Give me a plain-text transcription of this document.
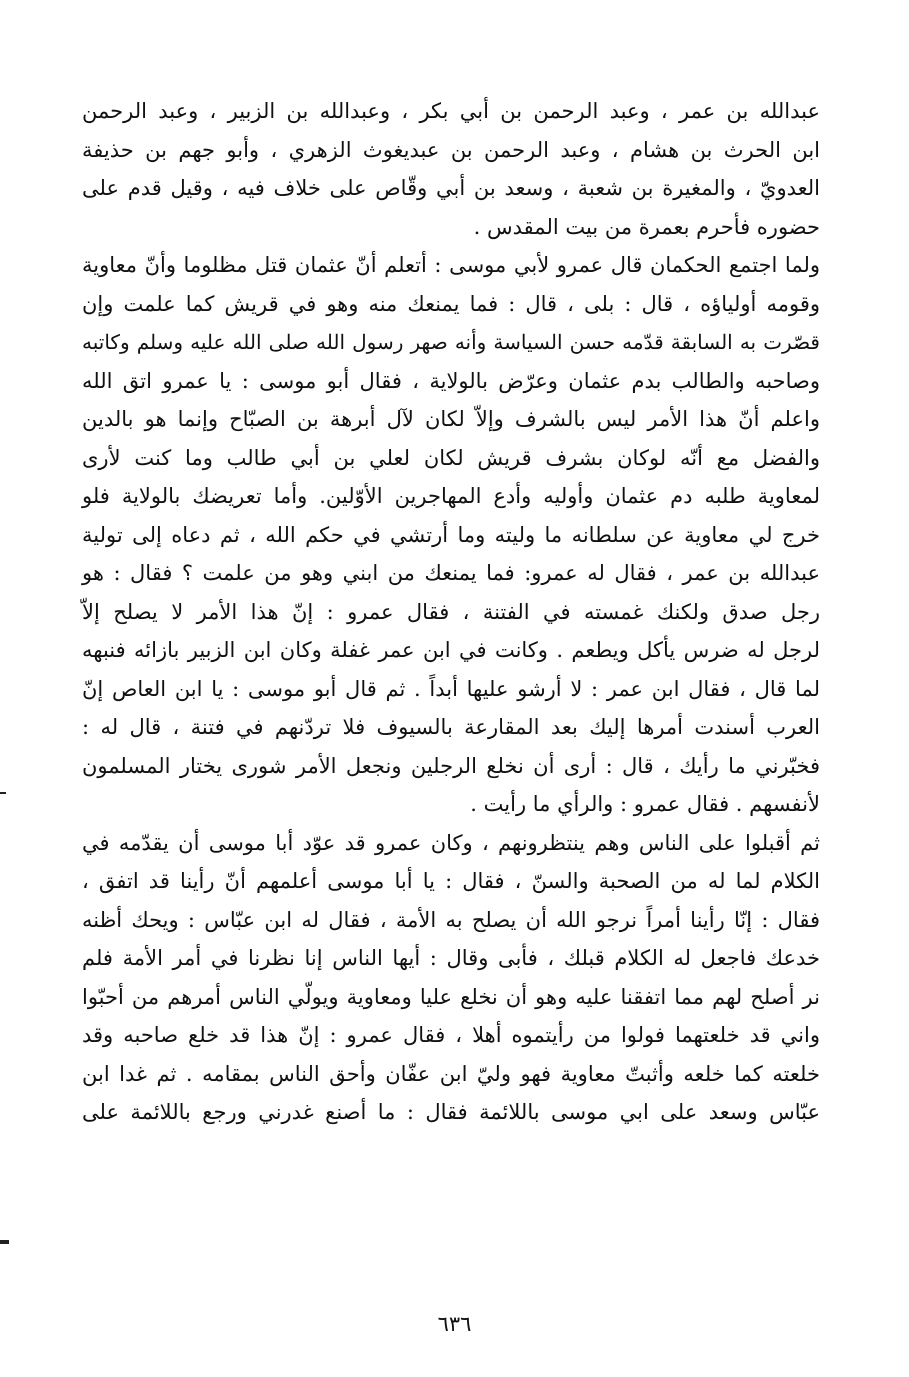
عبدالله بن عمر ، وعبد الرحمن بن أبي بكر ، وعبدالله بن الزبير ، وعبد الرحمن
ابن الحرث بن هشام ، وعبد الرحمن بن عبديغوث الزهري ، وأبو جهم بن حذيفة
العدويّ ، والمغيرة بن شعبة ، وسعد بن أبي وقّاص على خلاف فيه ، وقيل قدم على
حضوره فأحرم بعمرة من بيت المقدس .
ولما اجتمع الحكمان قال عمرو لأبي موسى : أتعلم أنّ عثمان قتل مظلوما وأنّ معاوية
وقومه أولياؤه ، قال : بلى ، قال : فما يمنعك منه وهو في قريش كما علمت وإن
قصّرت به السابقة قدّمه حسن السياسة وأنه صهر رسول الله صلى الله عليه وسلم وكاتبه
وصاحبه والطالب بدم عثمان وعرّض بالولاية ، فقال أبو موسى : يا عمرو اتق الله
واعلم أنّ هذا الأمر ليس بالشرف وإلاّ لكان لآل أبرهة بن الصبّاح وإنما هو بالدين
والفضل مع أنّه لوكان بشرف قريش لكان لعلي بن أبي طالب وما كنت لأرى
لمعاوية طلبه دم عثمان وأوليه وأدع المهاجرين الأوّلين. وأما تعريضك بالولاية فلو
خرج لي معاوية عن سلطانه ما وليته وما أرتشي في حكم الله ، ثم دعاه إلى تولية
عبدالله بن عمر ، فقال له عمرو: فما يمنعك من ابني وهو من علمت ؟ فقال : هو
رجل صدق ولكنك غمسته في الفتنة ، فقال عمرو : إنّ هذا الأمر لا يصلح إلاّ
لرجل له ضرس يأكل ويطعم . وكانت في ابن عمر غفلة وكان ابن الزبير بازائه فنبهه
لما قال ، فقال ابن عمر : لا أرشو عليها أبداً . ثم قال أبو موسى : يا ابن العاص إنّ
العرب أسندت أمرها إليك بعد المقارعة بالسيوف فلا تردّنهم في فتنة ، قال له :
فخبّرني ما رأيك ، قال : أرى أن نخلع الرجلين ونجعل الأمر شورى يختار المسلمون
لأنفسهم . فقال عمرو : والرأي ما رأيت .
ثم أقبلوا على الناس وهم ينتظرونهم ، وكان عمرو قد عوّد أبا موسى أن يقدّمه في
الكلام لما له من الصحبة والسنّ ، فقال : يا أبا موسى أعلمهم أنّ رأينا قد اتفق ،
فقال : إنّا رأينا أمراً نرجو الله أن يصلح به الأمة ، فقال له ابن عبّاس : ويحك أظنه
خدعك فاجعل له الكلام قبلك ، فأبى وقال : أيها الناس إنا نظرنا في أمر الأمة فلم
نر أصلح لهم مما اتفقنا عليه وهو أن نخلع عليا ومعاوية ويولّي الناس أمرهم من أحبّوا
واني قد خلعتهما فولوا من رأيتموه أهلا ، فقال عمرو : إنّ هذا قد خلع صاحبه وقد
خلعته كما خلعه وأثبتّ معاوية فهو وليّ ابن عفّان وأحق الناس بمقامه . ثم غدا ابن
عبّاس وسعد على ابي موسى باللائمة فقال : ما أصنع غدرني ورجع باللائمة على
٦٣٦
